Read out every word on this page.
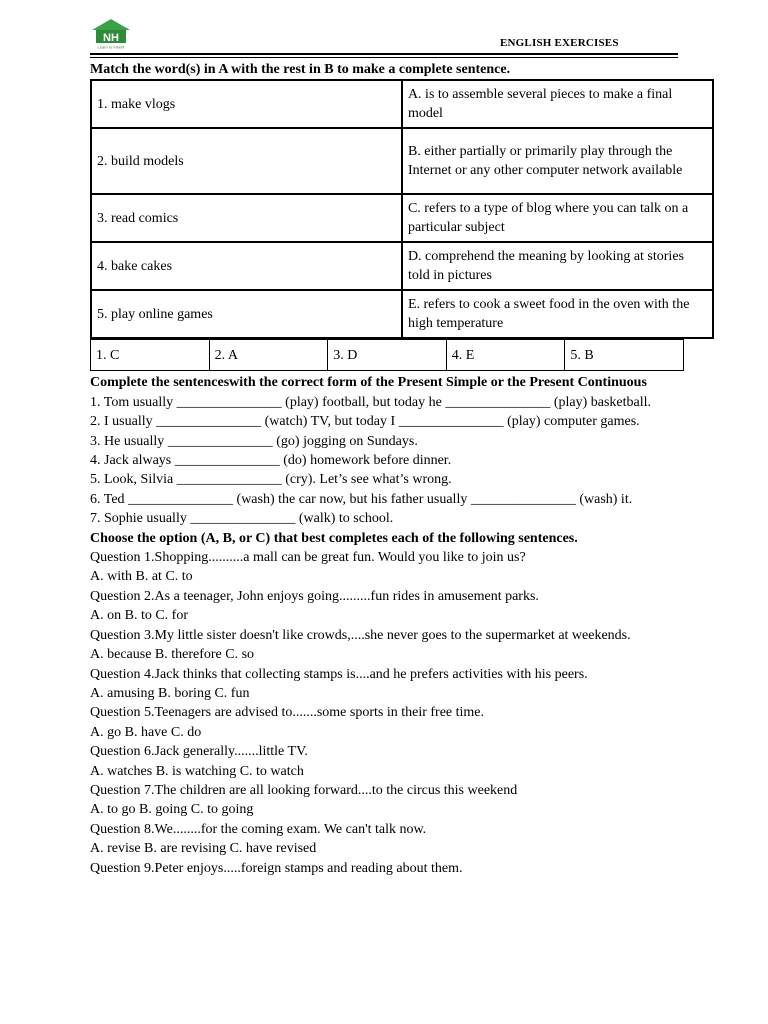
NH
Learn to Inherit	ENGLISH EXERCISES

Match the word(s) in A with the rest in B to make a complete sentence.

1. make vlogs	A. is to assemble several pieces to make a final model
2. build models	B. either partially or primarily play through the Internet or any other computer network available
3. read comics	C. refers to a type of blog where you can talk on a particular subject
4. bake cakes	D. comprehend the meaning by looking at stories told in pictures
5. play online games	E. refers to cook a sweet food in the oven with the high temperature
1. C	2. A	3. D	4. E	5. B

Complete the sentenceswith the correct form of the Present Simple or the Present Continuous

1. Tom usually _______________ (play) football, but today he _______________ (play) basketball.

2. I usually _______________ (watch) TV, but today I _______________ (play) computer games.

3. He usually _______________ (go) jogging on Sundays.

4. Jack always _______________ (do) homework before dinner.

5. Look, Silvia _______________ (cry). Let’s see what’s wrong.

6. Ted _______________ (wash) the car now, but his father usually _______________ (wash) it.

7. Sophie usually _______________ (walk) to school.

Choose the option (A, B, or C) that best completes each of the following sentences.

Question 1.Shopping..........a mall can be great fun. Would you like to join us?

A. with B. at C. to

Question 2.As a teenager, John enjoys going.........fun rides in amusement parks.

A. on B. to C. for

Question 3.My little sister doesn't like crowds,....she never goes to the supermarket at weekends.

A. because B. therefore C. so

Question 4.Jack thinks that collecting stamps is....and he prefers activities with his peers.

A. amusing B. boring C. fun

Question 5.Teenagers are advised to.......some sports in their free time.

A. go B. have C. do

Question 6.Jack generally.......little TV.

A. watches B. is watching C. to watch

Question 7.The children are all looking forward....to the circus this weekend

A. to go B. going C. to going

Question 8.We........for the coming exam. We can't talk now.

A. revise B. are revising C. have revised

Question 9.Peter enjoys.....foreign stamps and reading about them.
